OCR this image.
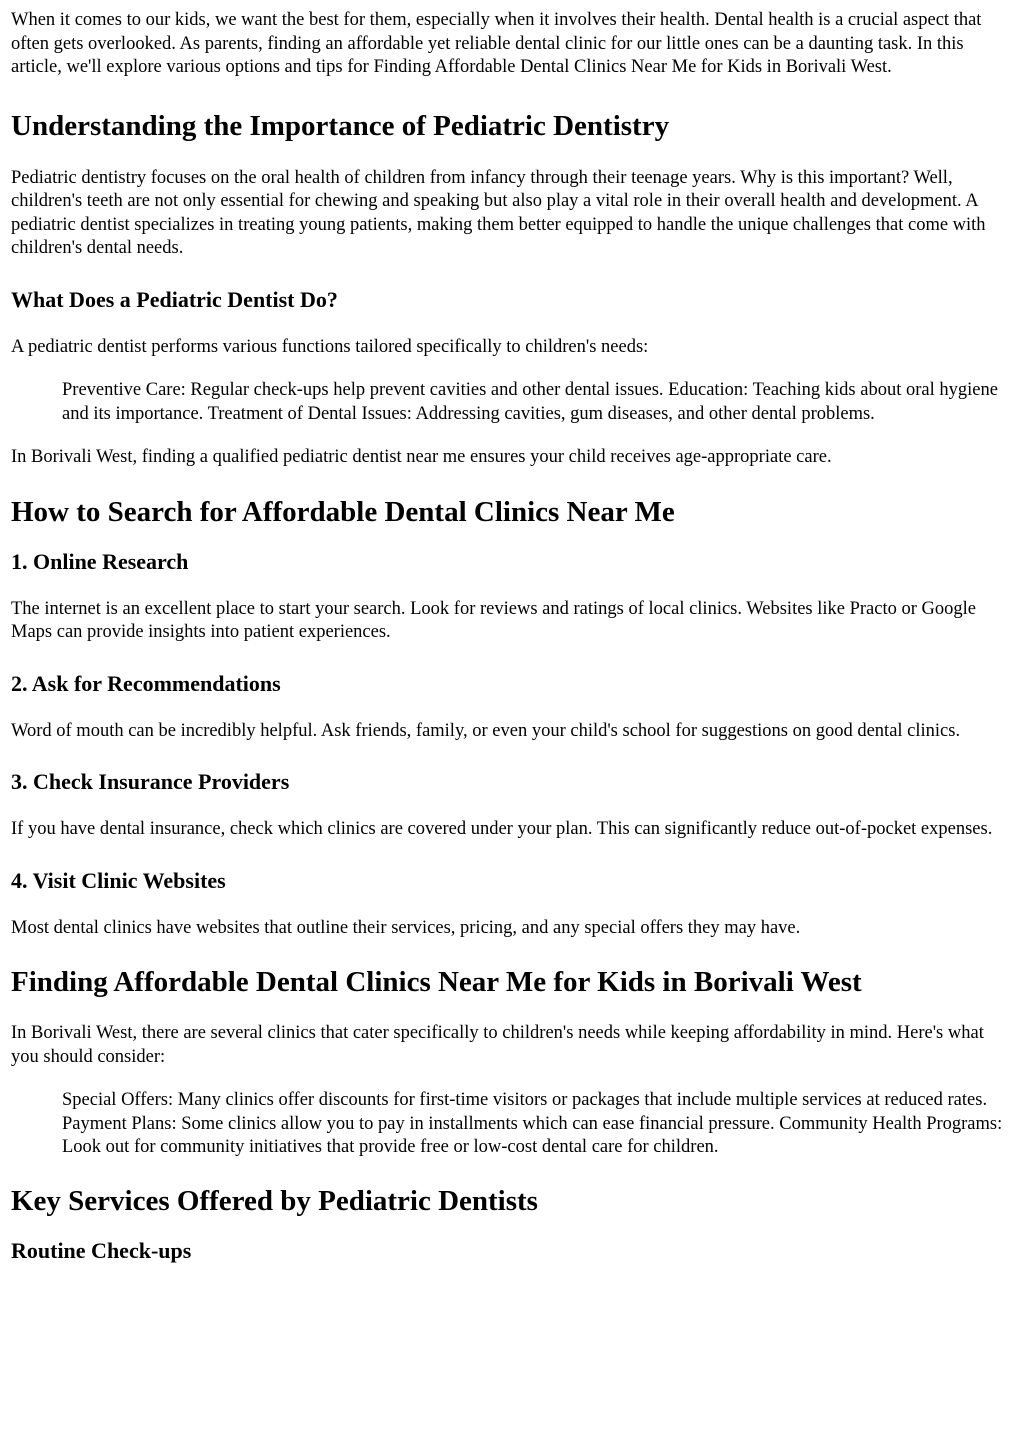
When it comes to our kids, we want the best for them, especially when it involves their health. Dental health is a crucial aspect that often gets overlooked. As parents, finding an affordable yet reliable dental clinic for our little ones can be a daunting task. In this article, we'll explore various options and tips for Finding Affordable Dental Clinics Near Me for Kids in Borivali West.

Understanding the Importance of Pediatric Dentistry

Pediatric dentistry focuses on the oral health of children from infancy through their teenage years. Why is this important? Well, children's teeth are not only essential for chewing and speaking but also play a vital role in their overall health and development. A pediatric dentist specializes in treating young patients, making them better equipped to handle the unique challenges that come with children's dental needs.

What Does a Pediatric Dentist Do?

A pediatric dentist performs various functions tailored specifically to children's needs:

Preventive Care: Regular check-ups help prevent cavities and other dental issues. Education: Teaching kids about oral hygiene and its importance. Treatment of Dental Issues: Addressing cavities, gum diseases, and other dental problems.

In Borivali West, finding a qualified pediatric dentist near me ensures your child receives age-appropriate care.

How to Search for Affordable Dental Clinics Near Me
1. Online Research

The internet is an excellent place to start your search. Look for reviews and ratings of local clinics. Websites like Practo or Google Maps can provide insights into patient experiences.

2. Ask for Recommendations

Word of mouth can be incredibly helpful. Ask friends, family, or even your child's school for suggestions on good dental clinics.

3. Check Insurance Providers

If you have dental insurance, check which clinics are covered under your plan. This can significantly reduce out-of-pocket expenses.

4. Visit Clinic Websites

Most dental clinics have websites that outline their services, pricing, and any special offers they may have.

Finding Affordable Dental Clinics Near Me for Kids in Borivali West

In Borivali West, there are several clinics that cater specifically to children's needs while keeping affordability in mind. Here's what you should consider:

Special Offers: Many clinics offer discounts for first-time visitors or packages that include multiple services at reduced rates. Payment Plans: Some clinics allow you to pay in installments which can ease financial pressure. Community Health Programs: Look out for community initiatives that provide free or low-cost dental care for children.
Key Services Offered by Pediatric Dentists
Routine Check-ups
